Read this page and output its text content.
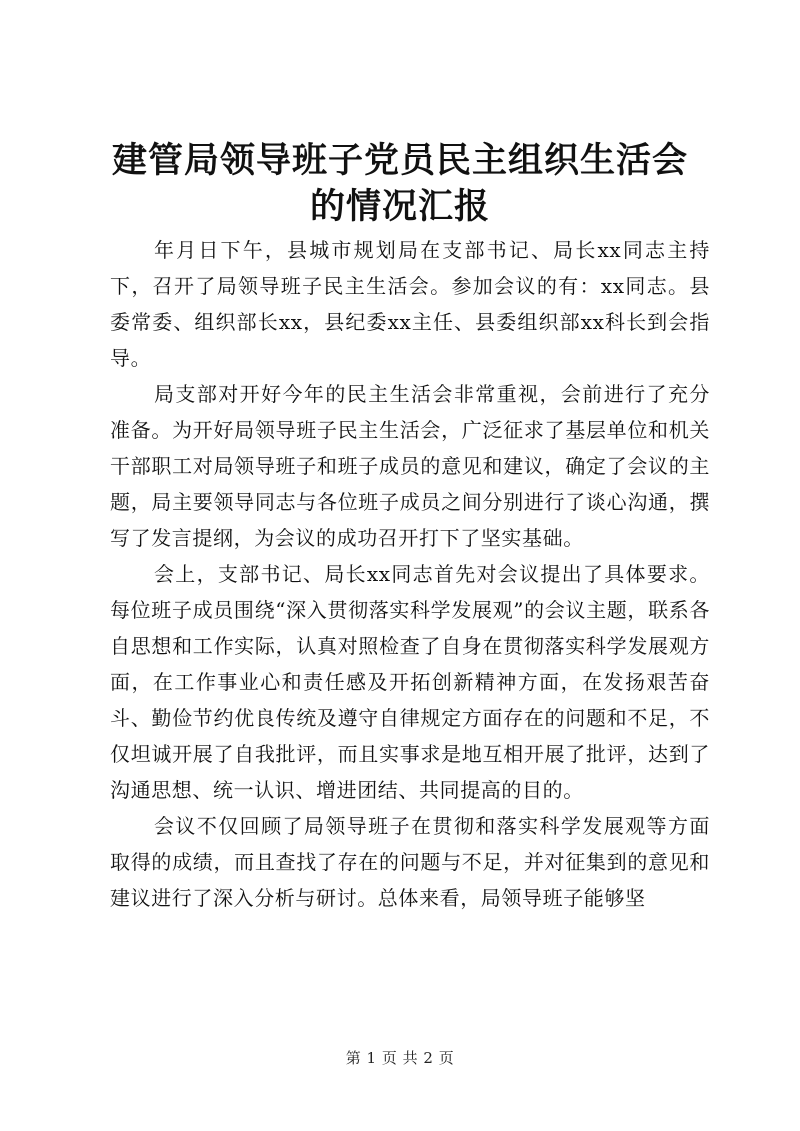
建管局领导班子党员民主组织生活会的情况汇报

年月日下午，县城市规划局在支部书记、局长xx同志主持下，召开了局领导班子民主生活会。参加会议的有：xx同志。县委常委、组织部长xx，县纪委xx主任、县委组织部xx科长到会指导。

局支部对开好今年的民主生活会非常重视，会前进行了充分准备。为开好局领导班子民主生活会，广泛征求了基层单位和机关干部职工对局领导班子和班子成员的意见和建议，确定了会议的主题，局主要领导同志与各位班子成员之间分别进行了谈心沟通，撰写了发言提纲，为会议的成功召开打下了坚实基础。

会上，支部书记、局长xx同志首先对会议提出了具体要求。每位班子成员围绕“深入贯彻落实科学发展观”的会议主题，联系各自思想和工作实际，认真对照检查了自身在贯彻落实科学发展观方面，在工作事业心和责任感及开拓创新精神方面，在发扬艰苦奋斗、勤俭节约优良传统及遵守自律规定方面存在的问题和不足，不仅坦诚开展了自我批评，而且实事求是地互相开展了批评，达到了沟通思想、统一认识、增进团结、共同提高的目的。

会议不仅回顾了局领导班子在贯彻和落实科学发展观等方面取得的成绩，而且查找了存在的问题与不足，并对征集到的意见和建议进行了深入分析与研讨。总体来看，局领导班子能够坚

第 1 页 共 2 页
